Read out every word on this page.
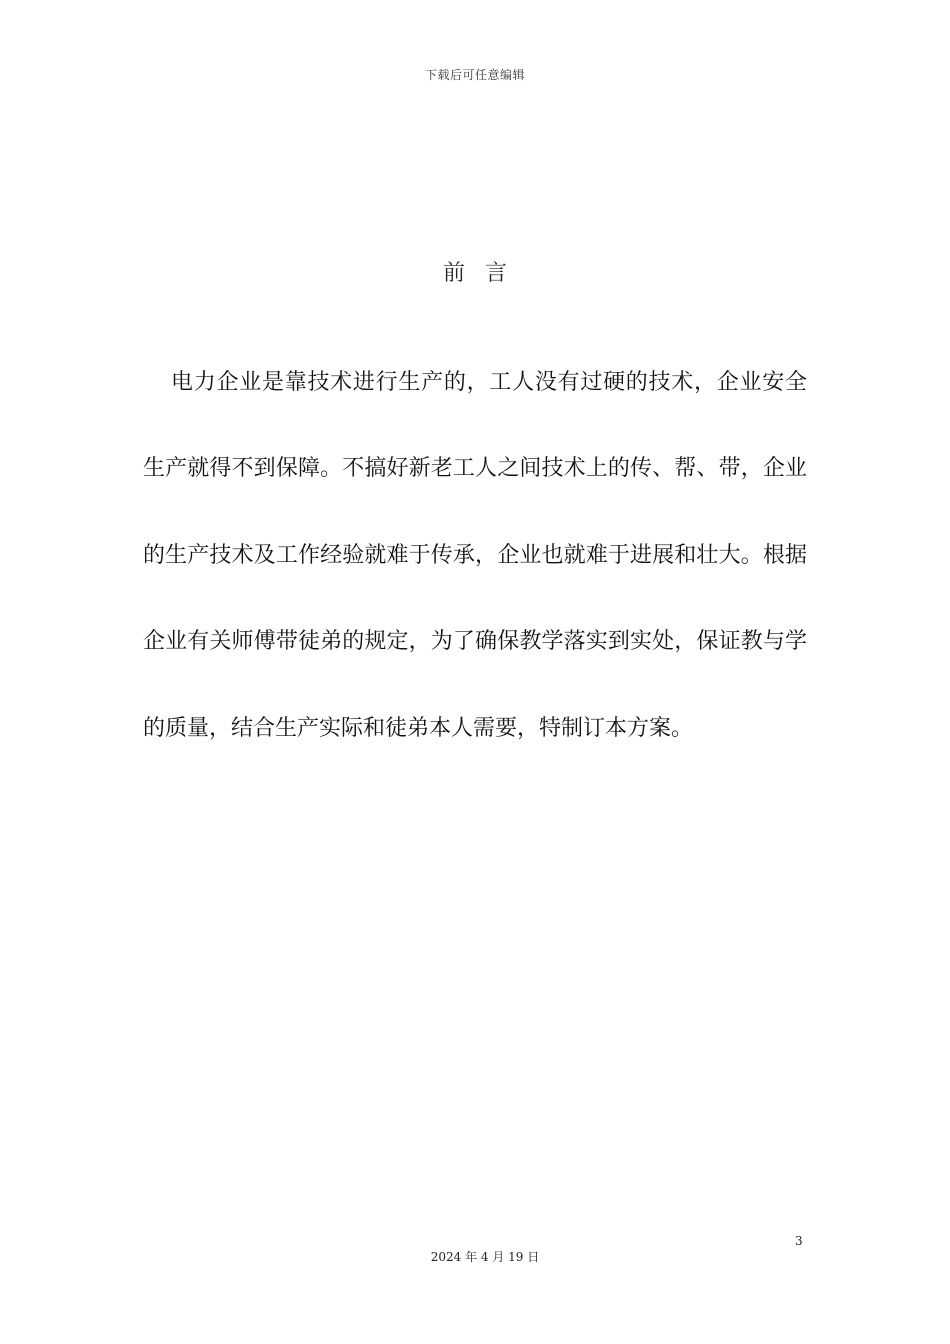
下载后可任意编辑
前言
电力企业是靠技术进行生产的，工人没有过硬的技术，企业安全生产就得不到保障。不搞好新老工人之间技术上的传、帮、带，企业的生产技术及工作经验就难于传承，企业也就难于进展和壮大。根据企业有关师傅带徒弟的规定，为了确保教学落实到实处，保证教与学的质量，结合生产实际和徒弟本人需要，特制订本方案。
3
2024 年 4 月 19 日
